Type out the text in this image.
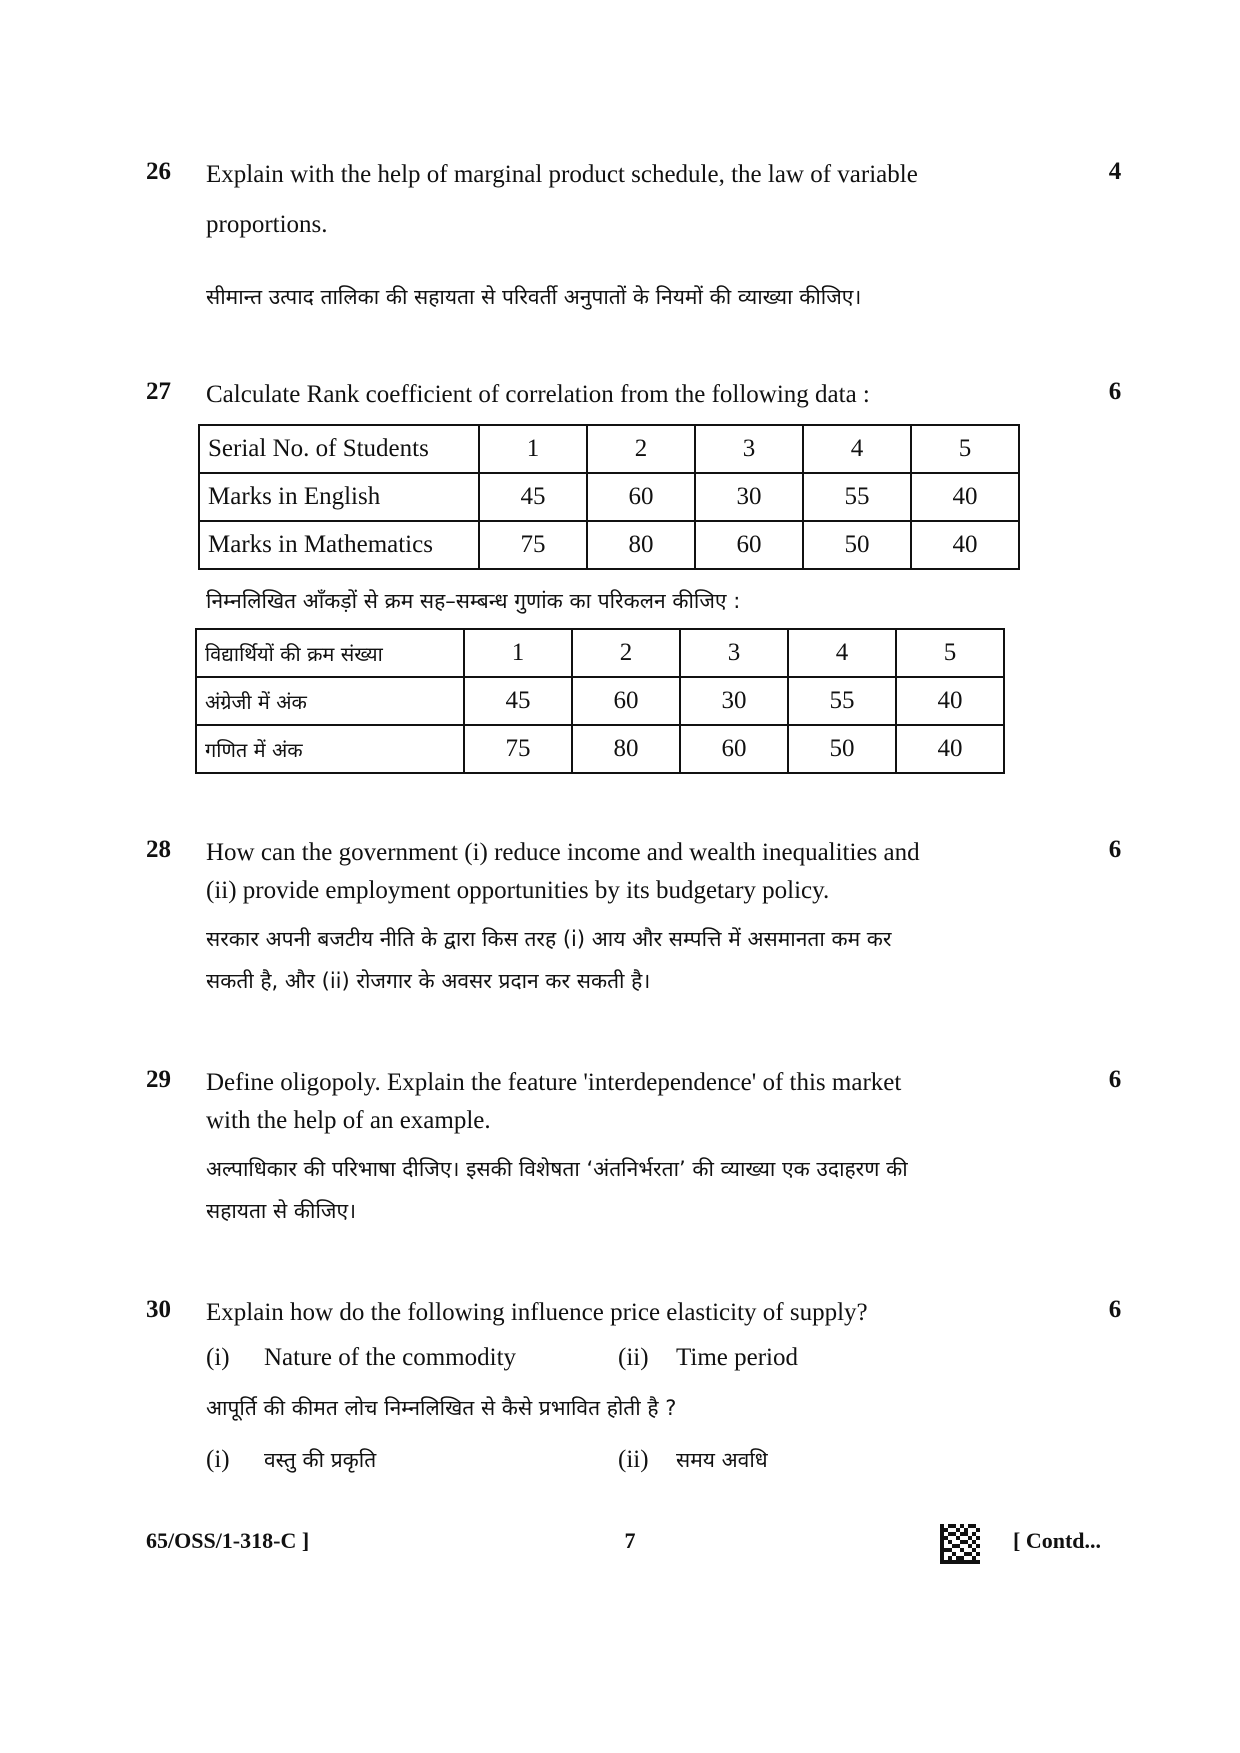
26	4
Explain with the help of marginal product schedule, the law of variable
proportions.
सीमान्त उत्पाद तालिका की सहायता से परिवर्ती अनुपातों के नियमों की व्याख्या कीजिए।
27	6
Calculate Rank coefficient of correlation from the following data :
Serial No. of Students	1	2	3	4	5
Marks in English	45	60	30	55	40
Marks in Mathematics	75	80	60	50	40
निम्नलिखित आँकड़ों से क्रम सह–सम्बन्ध गुणांक का परिकलन कीजिए :
विद्यार्थियों की क्रम संख्या	1	2	3	4	5
अंग्रेजी में अंक	45	60	30	55	40
गणित में अंक	75	80	60	50	40
28	6
How can the government (i) reduce income and wealth inequalities and
(ii) provide employment opportunities by its budgetary policy.
सरकार अपनी बजटीय नीति के द्वारा किस तरह (i) आय और सम्पत्ति में असमानता कम कर
सकती है, और (ii) रोजगार के अवसर प्रदान कर सकती है।
29	6
Define oligopoly. Explain the feature 'interdependence' of this market
with the help of an example.
अल्पाधिकार की परिभाषा दीजिए। इसकी विशेषता ‘अंतनिर्भरता’ की व्याख्या एक उदाहरण की
सहायता से कीजिए।
30	6
Explain how do the following influence price elasticity of supply?
(i) Nature of the commodity	(ii) Time period
आपूर्ति की कीमत लोच निम्नलिखित से कैसे प्रभावित होती है ?
(i) वस्तु की प्रकृति	(ii) समय अवधि
65/OSS/1-318-C ]	7	[ Contd...
